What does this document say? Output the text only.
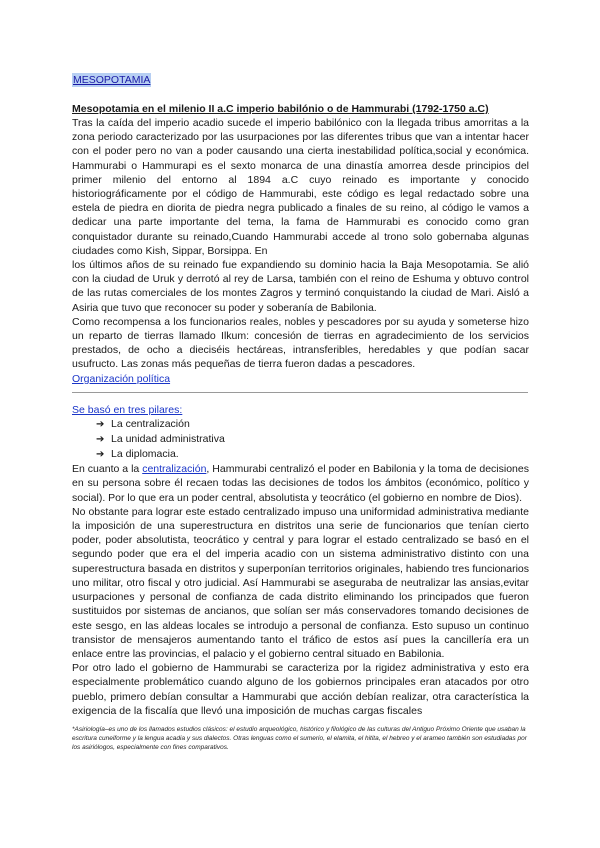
MESOPOTAMIA
Mesopotamia en el milenio II a.C imperio babilónio o de Hammurabi (1792-1750 a.C)

Tras la caída del imperio acadio sucede el imperio babilónico con la llegada tribus amorritas a la zona periodo caracterizado por las usurpaciones por las diferentes tribus que van a intentar hacer con el poder pero no van a poder causando una cierta inestabilidad política,social y económica. Hammurabi o Hammurapi es el sexto monarca de una dinastía amorrea desde principios del primer milenio del entorno al 1894 a.C cuyo reinado es importante y conocido historiográficamente por el código de Hammurabi, este código es legal redactado sobre una estela de piedra en diorita de piedra negra publicado a finales de su reino, al código le vamos a dedicar una parte importante del tema, la fama de Hammurabi es conocido como gran conquistador durante su reinado,Cuando Hammurabi accede al trono solo gobernaba algunas ciudades como Kish, Sippar, Borsippa. En

los últimos años de su reinado fue expandiendo su dominio hacia la Baja Mesopotamia. Se alió con la ciudad de Uruk y derrotó al rey de Larsa, también con el reino de Eshuma y obtuvo control de las rutas comerciales de los montes Zagros y terminó conquistando la ciudad de Mari. Aisló a Asiria que tuvo que reconocer su poder y soberanía de Babilonia.

Como recompensa a los funcionarios reales, nobles y pescadores por su ayuda y someterse hizo un reparto de tierras llamado Ilkum: concesión de tierras en agradecimiento de los servicios prestados, de ocho a dieciséis hectáreas, intransferibles, heredables y que podían sacar usufructo. Las zonas más pequeñas de tierra fueron dadas a pescadores.

Organización política
Se basó en tres pilares:
➔ La centralización
➔ La unidad administrativa
➔ La diplomacia.

En cuanto a la centralización, Hammurabi centralizó el poder en Babilonia y la toma de decisiones en su persona sobre él recaen todas las decisiones de todos los ámbitos (económico, político y social). Por lo que era un poder central, absolutista y teocrático (el gobierno en nombre de Dios).

No obstante para lograr este estado centralizado impuso una uniformidad administrativa mediante la imposición de una superestructura en distritos una serie de funcionarios que tenían cierto poder, poder absolutista, teocrático y central y para lograr el estado centralizado se basó en el segundo poder que era el del imperia acadio con un sistema administrativo distinto con una superestructura basada en distritos y superponían territorios originales, habiendo tres funcionarios uno militar, otro fiscal y otro judicial. Así Hammurabi se aseguraba de neutralizar las ansias,evitar usurpaciones y personal de confianza de cada distrito eliminando los principados que fueron sustituidos por sistemas de ancianos, que solían ser más conservadores tomando decisiones de este sesgo, en las aldeas locales se introdujo a personal de confianza. Esto supuso un continuo transistor de mensajeros aumentando tanto el tráfico de estos así pues la cancillería era un enlace entre las provincias, el palacio y el gobierno central situado en Babilonia.

Por otro lado el gobierno de Hammurabi se caracteriza por la rigidez administrativa y esto era especialmente problemático cuando alguno de los gobiernos principales eran atacados por otro pueblo, primero debían consultar a Hammurabi que acción debían realizar, otra característica la exigencia de la fiscalía que llevó una imposición de muchas cargas fiscales

*Asiriología–es uno de los llamados estudios clásicos: el estudio arqueológico, histórico y filológico de las culturas del Antiguo Próximo Oriente que usaban la escritura cuneiforme y la lengua acadia y sus dialectos. Otras lenguas como el sumerio, el elamita, el hitita, el hebreo y el arameo también son estudiadas por los asiriólogos, especialmente con fines comparativos.
